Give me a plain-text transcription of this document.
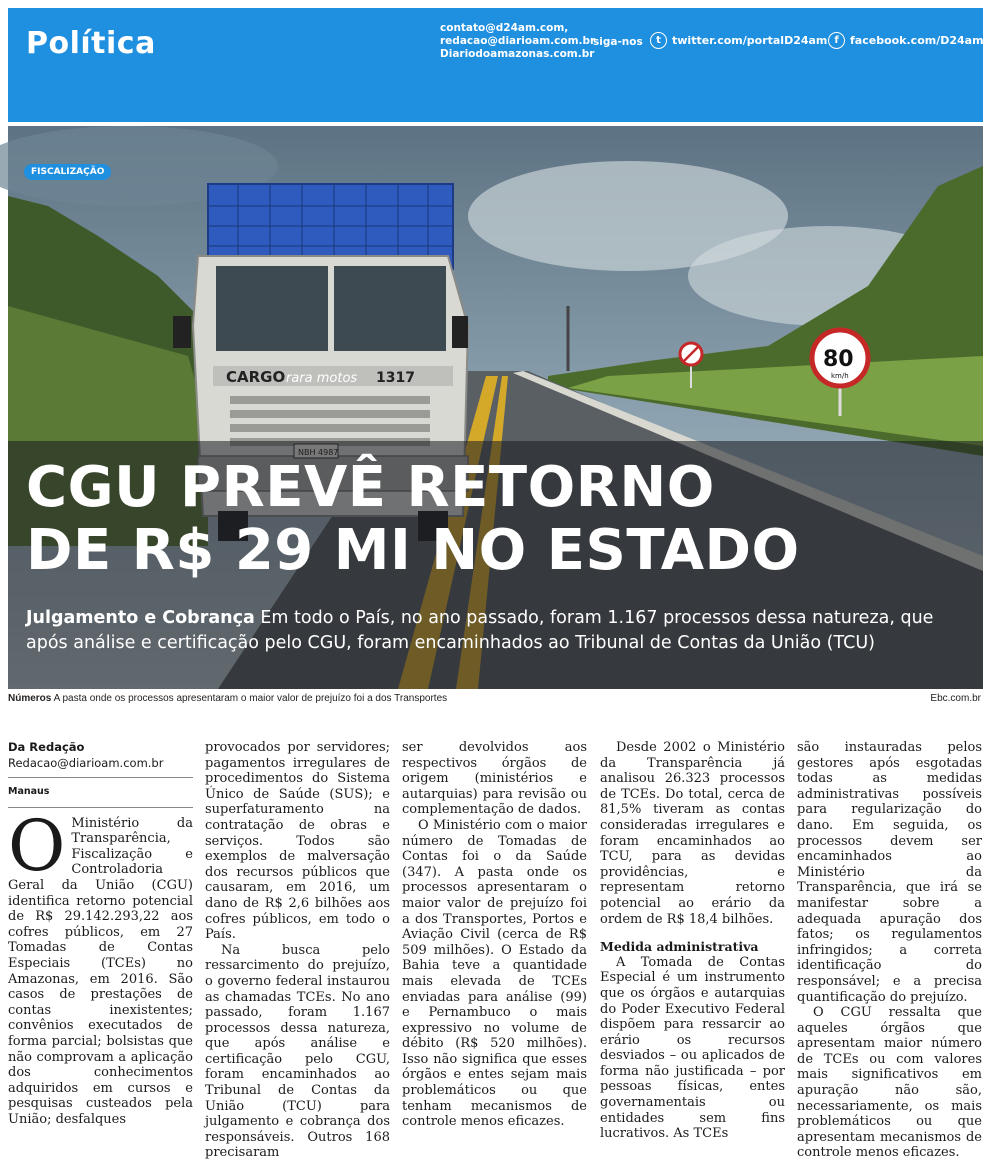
Política	contato@d24am.com,
redacao@diarioam.com.br
Diariodoamazonas.com.br
siga-nos	t	twitter.com/portalD24am f	facebook.com/D24am
CARGO rara motos 1317
80
km/h
FISCALIZAÇÃO
CGU PREVÊ RETORNO
DE R$ 29 MI NO ESTADO
Julgamento e Cobrança Em todo o País, no ano passado, foram 1.167 processos dessa natureza, que após análise e certificação pelo CGU, foram encaminhados ao Tribunal de Contas da União (TCU)
Números A pasta onde os processos apresentaram o maior valor de prejuízo foi a dos Transportes	Ebc.com.br
Da Redação
Redacao@diarioam.com.br
Manaus

O Ministério da Transparência, Fiscalização e Controladoria Geral da União (CGU) identifica retorno potencial de R$ 29.142.293,22 aos cofres públicos, em 27 Tomadas de Contas Especiais (TCEs) no Amazonas, em 2016. São casos de prestações de contas inexistentes; convênios executados de forma parcial; bolsistas que não comprovam a aplicação dos conhecimentos adquiridos em cursos e pesquisas custeados pela União; desfalques

provocados por servidores; pagamentos irregulares de procedimentos do Sistema Único de Saúde (SUS); e superfaturamento na contratação de obras e serviços. Todos são exemplos de malversação dos recursos públicos que causaram, em 2016, um dano de R$ 2,6 bilhões aos cofres públicos, em todo o País.

Na busca pelo ressarcimento do prejuízo, o governo federal instaurou as chamadas TCEs. No ano passado, foram 1.167 processos dessa natureza, que após análise e certificação pelo CGU, foram encaminhados ao Tribunal de Contas da União (TCU) para julgamento e cobrança dos responsáveis. Outros 168 precisaram

ser devolvidos aos respectivos órgãos de origem (ministérios e autarquias) para revisão ou complementação de dados.

O Ministério com o maior número de Tomadas de Contas foi o da Saúde (347). A pasta onde os processos apresentaram o maior valor de prejuízo foi a dos Transportes, Portos e Aviação Civil (cerca de R$ 509 milhões). O Estado da Bahia teve a quantidade mais elevada de TCEs enviadas para análise (99) e Pernambuco o mais expressivo no volume de débito (R$ 520 milhões). Isso não significa que esses órgãos e entes sejam mais problemáticos ou que tenham mecanismos de controle menos eficazes.

Desde 2002 o Ministério da Transparência já analisou 26.323 processos de TCEs. Do total, cerca de 81,5% tiveram as contas consideradas irregulares e foram encaminhados ao TCU, para as devidas providências, e representam retorno potencial ao erário da ordem de R$ 18,4 bilhões.

Medida administrativa

A Tomada de Contas Especial é um instrumento que os órgãos e autarquias do Poder Executivo Federal dispõem para ressarcir ao erário os recursos desviados – ou aplicados de forma não justificada – por pessoas físicas, entes governamentais ou entidades sem fins lucrativos. As TCEs

são instauradas pelos gestores após esgotadas todas as medidas administrativas possíveis para regularização do dano. Em seguida, os processos devem ser encaminhados ao Ministério da Transparência, que irá se manifestar sobre a adequada apuração dos fatos; os regulamentos infringidos; a correta identificação do responsável; e a precisa quantificação do prejuízo.

O CGU ressalta que aqueles órgãos que apresentam maior número de TCEs ou com valores mais significativos em apuração não são, necessariamente, os mais problemáticos ou que apresentam mecanismos de controle menos eficazes.
